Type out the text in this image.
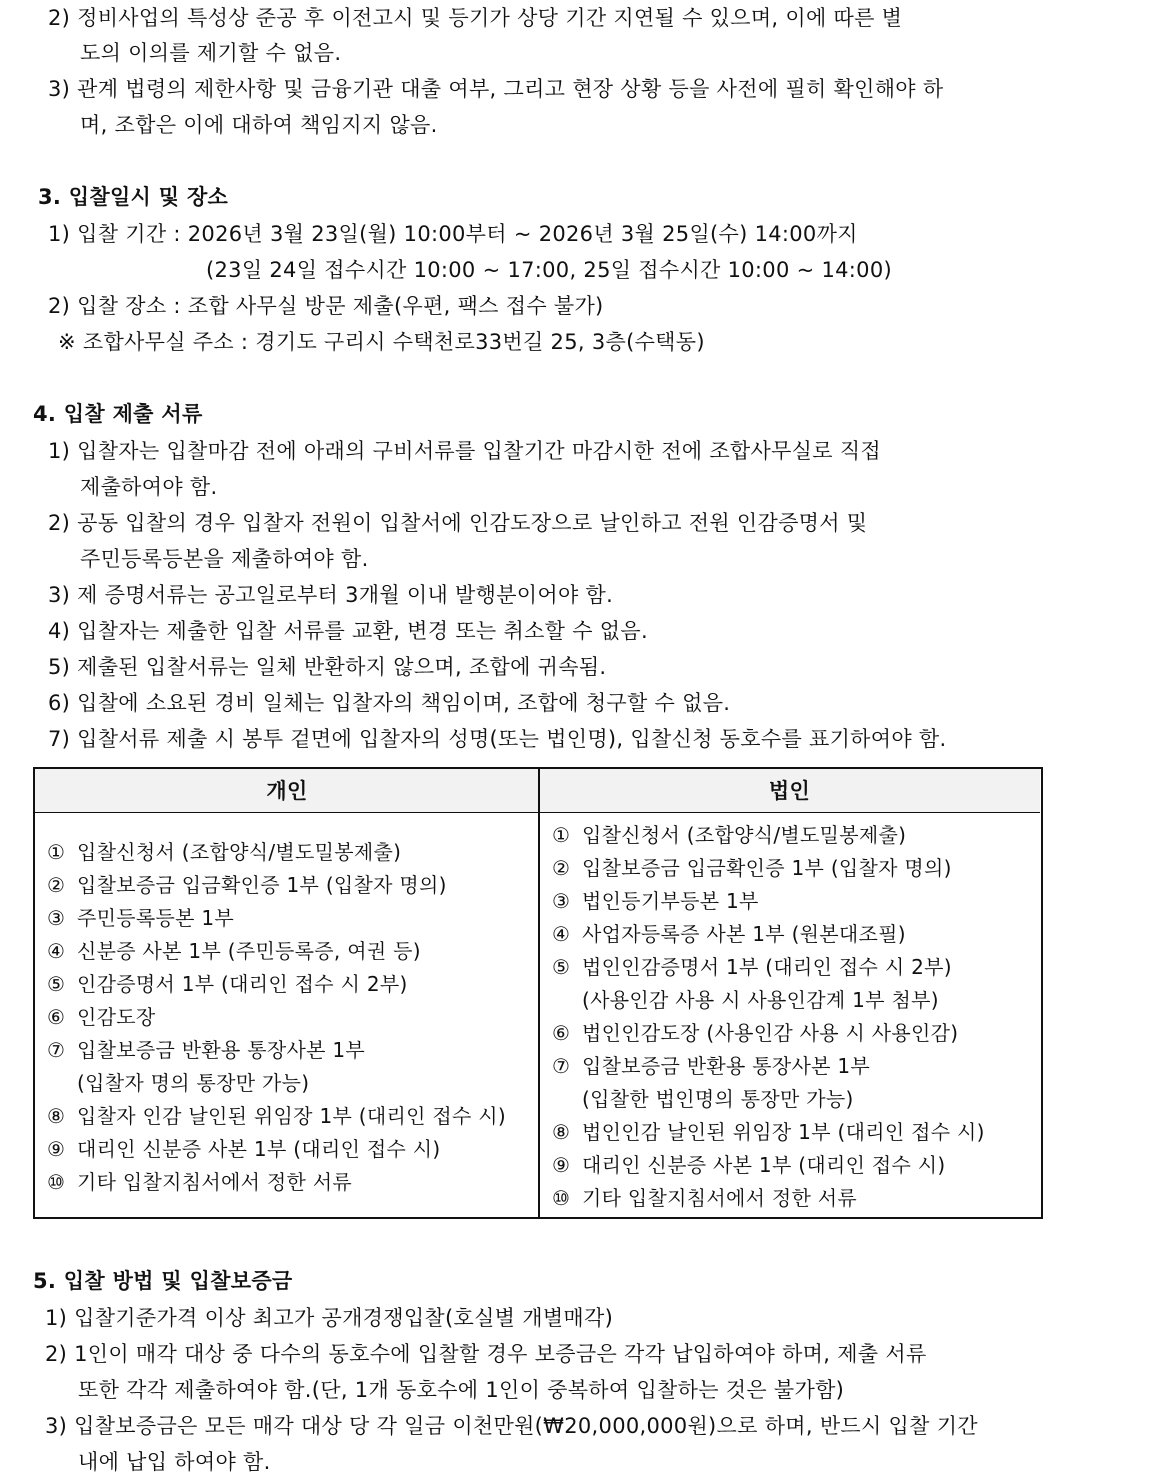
2) 정비사업의 특성상 준공 후 이전고시 및 등기가 상당 기간 지연될 수 있으며, 이에 따른 별
도의 이의를 제기할 수 없음.
3) 관계 법령의 제한사항 및 금융기관 대출 여부, 그리고 현장 상황 등을 사전에 필히 확인해야 하
며, 조합은 이에 대하여 책임지지 않음.
3. 입찰일시 및 장소
1) 입찰 기간 : 2026년 3월 23일(월) 10:00부터 ~ 2026년 3월 25일(수) 14:00까지
(23일 24일 접수시간 10:00 ~ 17:00, 25일 접수시간 10:00 ~ 14:00)
2) 입찰 장소 : 조합 사무실 방문 제출(우편, 팩스 접수 불가)
※ 조합사무실 주소 : 경기도 구리시 수택천로33번길 25, 3층(수택동)
4. 입찰 제출 서류
1) 입찰자는 입찰마감 전에 아래의 구비서류를 입찰기간 마감시한 전에 조합사무실로 직접
제출하여야 함.
2) 공동 입찰의 경우 입찰자 전원이 입찰서에 인감도장으로 날인하고 전원 인감증명서 및
주민등록등본을 제출하여야 함.
3) 제 증명서류는 공고일로부터 3개월 이내 발행분이어야 함.
4) 입찰자는 제출한 입찰 서류를 교환, 변경 또는 취소할 수 없음.
5) 제출된 입찰서류는 일체 반환하지 않으며, 조합에 귀속됨.
6) 입찰에 소요된 경비 일체는 입찰자의 책임이며, 조합에 청구할 수 없음.
7) 입찰서류 제출 시 봉투 겉면에 입찰자의 성명(또는 법인명), 입찰신청 동호수를 표기하여야 함.
개인	법인
① 입찰신청서 (조합양식/별도밀봉제출)
② 입찰보증금 입금확인증 1부 (입찰자 명의)
③ 주민등록등본 1부
④ 신분증 사본 1부 (주민등록증, 여권 등)
⑤ 인감증명서 1부 (대리인 접수 시 2부)
⑥ 인감도장
⑦ 입찰보증금 반환용 통장사본 1부
(입찰자 명의 통장만 가능)
⑧ 입찰자 인감 날인된 위임장 1부 (대리인 접수 시)
⑨ 대리인 신분증 사본 1부 (대리인 접수 시)
⑩ 기타 입찰지침서에서 정한 서류
① 입찰신청서 (조합양식/별도밀봉제출)
② 입찰보증금 입금확인증 1부 (입찰자 명의)
③ 법인등기부등본 1부
④ 사업자등록증 사본 1부 (원본대조필)
⑤ 법인인감증명서 1부 (대리인 접수 시 2부)
(사용인감 사용 시 사용인감계 1부 첨부)
⑥ 법인인감도장 (사용인감 사용 시 사용인감)
⑦ 입찰보증금 반환용 통장사본 1부
(입찰한 법인명의 통장만 가능)
⑧ 법인인감 날인된 위임장 1부 (대리인 접수 시)
⑨ 대리인 신분증 사본 1부 (대리인 접수 시)
⑩ 기타 입찰지침서에서 정한 서류
5. 입찰 방법 및 입찰보증금
1) 입찰기준가격 이상 최고가 공개경쟁입찰(호실별 개별매각)
2) 1인이 매각 대상 중 다수의 동호수에 입찰할 경우 보증금은 각각 납입하여야 하며, 제출 서류
또한 각각 제출하여야 함.(단, 1개 동호수에 1인이 중복하여 입찰하는 것은 불가함)
3) 입찰보증금은 모든 매각 대상 당 각 일금 이천만원(₩20,000,000원)으로 하며, 반드시 입찰 기간
내에 납입 하여야 함.
